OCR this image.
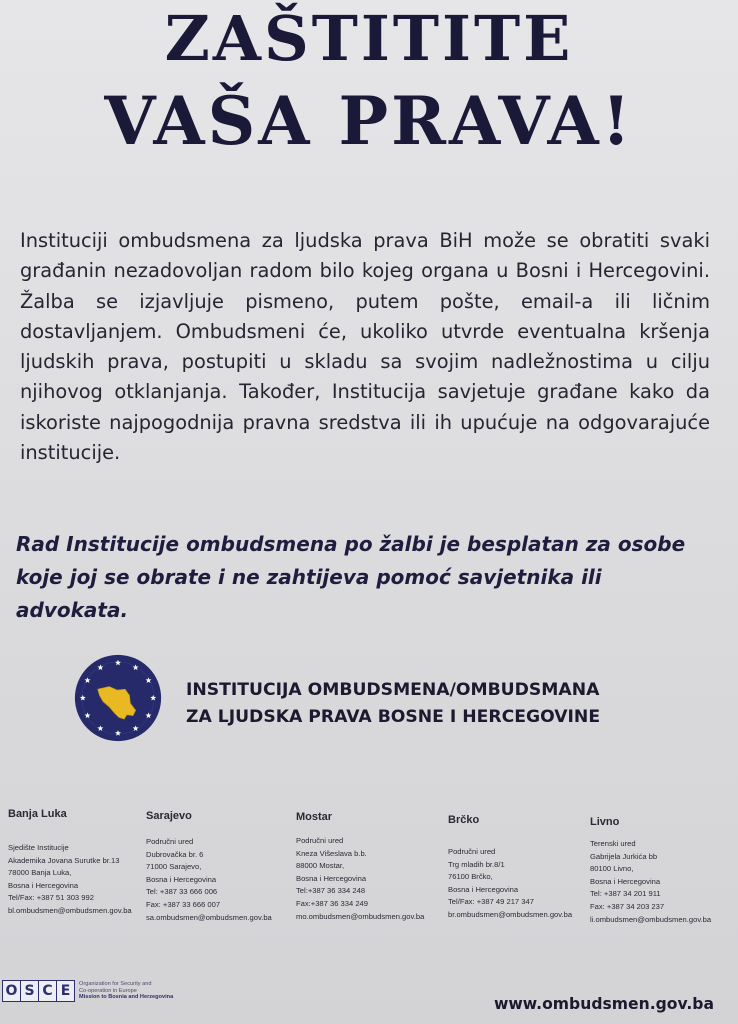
ZAŠTITITE
VAŠA PRAVA!
Instituciji ombudsmena za ljudska prava BiH može se obratiti svaki građanin nezadovoljan radom bilo kojeg organa u Bosni i Hercegovini. Žalba se izjavljuje pismeno, putem pošte, email-a ili ličnim dostavljanjem. Ombudsmeni će, ukoliko utvrde eventualna kršenja ljudskih prava, postupiti u skladu sa svojim nadležnostima u cilju njihovog otklanjanja. Također, Institucija savjetuje građane kako da iskoriste najpogodnija pravna sredstva ili ih upućuje na odgovarajuće institucije.
Rad Institucije ombudsmena po žalbi je besplatan za osobe koje joj se obrate i ne zahtijeva pomoć savjetnika ili advokata.
INSTITUCIJA OMBUDSMENA/OMBUDSMANA
ZA LJUDSKA PRAVA BOSNE I HERCEGOVINE
Banja Luka
Sjedište Institucije
Akademika Jovana Surutke br.13
78000 Banja Luka,
Bosna i Hercegovina
Tel/Fax: +387 51 303 992
bl.ombudsmen@ombudsmen.gov.ba
Sarajevo
Područni ured
Dubrovačka br. 6
71000 Sarajevo,
Bosna i Hercegovina
Tel: +387 33 666 006
Fax: +387 33 666 007
sa.ombudsmen@ombudsmen.gov.ba
Mostar
Područni ured
Kneza Višeslava b.b.
88000 Mostar,
Bosna i Hercegovina
Tel:+387 36 334 248
Fax:+387 36 334 249
mo.ombudsmen@ombudsmen.gov.ba
Brčko
Područni ured
Trg mladih br.8/1
76100 Brčko,
Bosna i Hercegovina
Tel/Fax: +387 49 217 347
br.ombudsmen@ombudsmen.gov.ba
Livno
Terenski ured
Gabrijela Jurkića bb
80100 Livno,
Bosna i Hercegovina
Tel: +387 34 201 911
Fax: +387 34 203 237
li.ombudsmen@ombudsmen.gov.ba
O S C E	Organization for Security and
Co-operation in Europe
Mission to Bosnia and Herzegovina	www.ombudsmen.gov.ba
